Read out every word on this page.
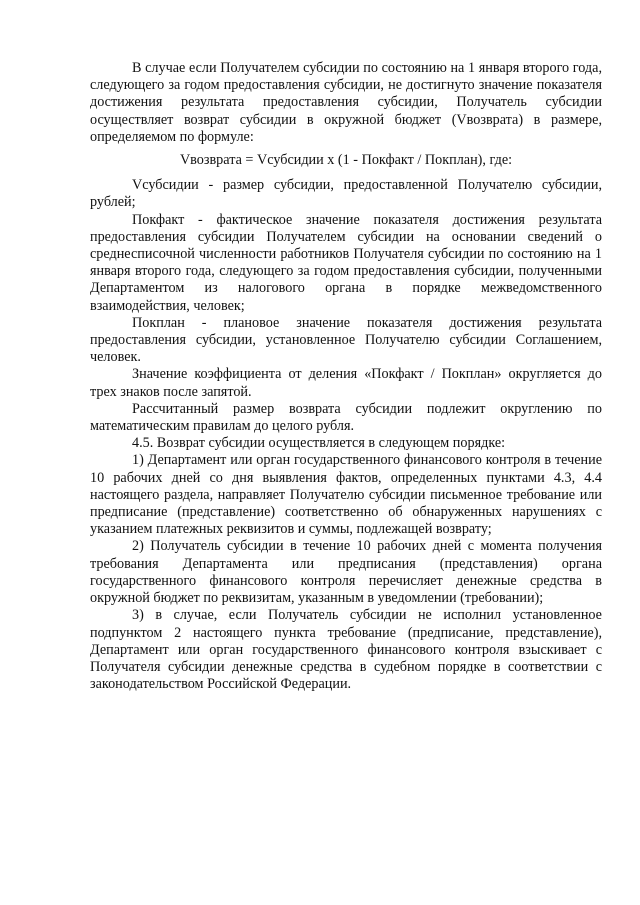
В случае если Получателем субсидии по состоянию на 1 января второго года, следующего за годом предоставления субсидии, не достигнуто значение показателя достижения результата предоставления субсидии, Получатель субсидии осуществляет возврат субсидии в окружной бюджет (Vвозврата) в размере, определяемом по формуле:

Vвозврата = Vсубсидии x (1 - Покфакт / Покплан), где:

Vсубсидии - размер субсидии, предоставленной Получателю субсидии, рублей;

Покфакт - фактическое значение показателя достижения результата предоставления субсидии Получателем субсидии на основании сведений о среднесписочной численности работников Получателя субсидии по состоянию на 1 января второго года, следующего за годом предоставления субсидии, полученными Департаментом из налогового органа в порядке межведомственного взаимодействия, человек;

Покплан - плановое значение показателя достижения результата предоставления субсидии, установленное Получателю субсидии Соглашением, человек.

Значение коэффициента от деления «Покфакт / Покплан» округляется до трех знаков после запятой.

Рассчитанный размер возврата субсидии подлежит округлению по математическим правилам до целого рубля.

4.5. Возврат субсидии осуществляется в следующем порядке:

1) Департамент или орган государственного финансового контроля в течение 10 рабочих дней со дня выявления фактов, определенных пунктами 4.3, 4.4 настоящего раздела, направляет Получателю субсидии письменное требование или предписание (представление) соответственно об обнаруженных нарушениях с указанием платежных реквизитов и суммы, подлежащей возврату;

2) Получатель субсидии в течение 10 рабочих дней с момента получения требования Департамента или предписания (представления) органа государственного финансового контроля перечисляет денежные средства в окружной бюджет по реквизитам, указанным в уведомлении (требовании);

3) в случае, если Получатель субсидии не исполнил установленное подпунктом 2 настоящего пункта требование (предписание, представление), Департамент или орган государственного финансового контроля взыскивает с Получателя субсидии денежные средства в судебном порядке в соответствии с законодательством Российской Федерации.
